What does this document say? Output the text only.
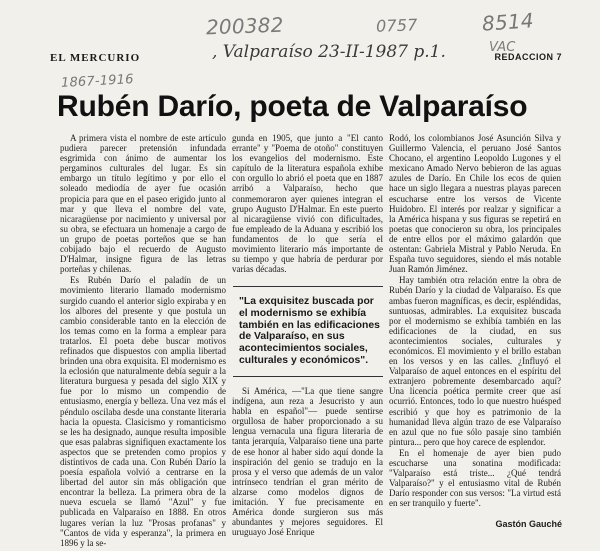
200382	0757	8514
VAC
1867-1916
EL MERCURIO	, Valparaíso 23-II-1987 p.1.	REDACCION 7
Rubén Darío, poeta de Valparaíso

A primera vista el nombre de este artículo pudiera parecer pretensión infundada esgrimida con ánimo de aumentar los pergaminos culturales del lugar. Es sin embargo un título legítimo y por ello el soleado mediodía de ayer fue ocasión propicia para que en el paseo erigido junto al mar y que lleva el nombre del vate, nicaragüense por nacimiento y universal por su obra, se efectuara un homenaje a cargo de un grupo de poetas porteños que se han cobijado bajo el recuerdo de Augusto D'Halmar, insigne figura de las letras porteñas y chilenas.

Es Rubén Darío el paladín de un movimiento literario llamado modernismo surgido cuando el anterior siglo expiraba y en los albores del presente y que postula un cambio considerable tanto en la elección de los temas como en la forma a emplear para tratarlos. El poeta debe buscar motivos refinados que dispuestos con amplia libertad brinden una obra exquisita. El modernismo es la eclosión que naturalmente debía seguir a la literatura burguesa y pesada del siglo XIX y fue por lo mismo un compendio de entusiasmo, energía y belleza. Una vez más el péndulo oscilaba desde una constante literaria hacia la opuesta. Clasicismo y romanticismo se les ha designado, aunque resulta imposible que esas palabras signifiquen exactamente los aspectos que se pretenden como propios y distintivos de cada una. Con Rubén Darío la poesía española volvió a centrarse en la libertad del autor sin más obligación que encontrar la belleza. La primera obra de la nueva escuela se llamó "Azul" y fue publicada en Valparaíso en 1888. En otros lugares verían la luz "Prosas profanas" y "Cantos de vida y esperanza", la primera en 1896 y la se-

gunda en 1905, que junto a "El canto errante" y "Poema de otoño" constituyen los evangelios del modernismo. Este capítulo de la literatura española exhibe con orgullo lo abrió el poeta que en 1887 arribó a Valparaíso, hecho que conmemoraron ayer quienes integran el grupo Augusto D'Halmar. En este puerto al nicaragüense vivió con dificultades, fue empleado de la Aduana y escribió los fundamentos de lo que sería el movimiento literario más importante de su tiempo y que habría de perdurar por varias décadas.

"La exquisitez buscada por el modernismo se exhibía también en las edificaciones de Valparaíso, en sus acontecimientos sociales, culturales y económicos".

Si América, —"La que tiene sangre indígena, aun reza a Jesucristo y aun habla en español"— puede sentirse orgullosa de haber proporcionado a su lengua vernacula una figura literaria de tanta jerarquía, Valparaíso tiene una parte de ese honor al haber sido aquí donde la inspiración del genio se tradujo en la prosa y el verso que además de un valor intrínseco tendrían el gran mérito de alzarse como modelos dignos de imitación. Y fue precisamente en América donde surgieron sus más abundantes y mejores seguidores. El uruguayo José Enrique

Rodó, los colombianos José Asunción Silva y Guillermo Valencia, el peruano José Santos Chocano, el argentino Leopoldo Lugones y el mexicano Amado Nervo bebieron de las aguas azules de Darío. En Chile los ecos de quien hace un siglo llegara a nuestras playas parecen escucharse entre los versos de Vicente Huidobro. El interés por realzar y significar a la América hispana y sus figuras se repetirá en poetas que conocieron su obra, los principales de entre ellos por el máximo galardón que ostentan: Gabriela Mistral y Pablo Neruda. En España tuvo seguidores, siendo el más notable Juan Ramón Jiménez.

Hay también otra relación entre la obra de Rubén Darío y la ciudad de Valparaíso. Es que ambas fueron magníficas, es decir, espléndidas, suntuosas, admirables. La exquisitez buscada por el modernismo se exhibía también en las edificaciones de la ciudad, en sus acontecimientos sociales, culturales y económicos. El movimiento y el brillo estaban en los versos y en las calles. ¿Influyó el Valparaíso de aquel entonces en el espíritu del extranjero pobremente desembarcado aquí? Una licencia poética permite creer que así ocurrió. Entonces, todo lo que nuestro huésped escribió y que hoy es patrimonio de la humanidad lleva algún trazo de ese Valparaíso en azul que no fue sólo pasaje sino también pintura... pero que hoy carece de esplendor.

En el homenaje de ayer bien pudo escucharse una sonatina modificada: "Valparaíso está triste... ¿Qué tendrá Valparaíso?" y el entusiasmo vital de Rubén Darío responder con sus versos: "La virtud está en ser tranquilo y fuerte".

Gastón Gauché
